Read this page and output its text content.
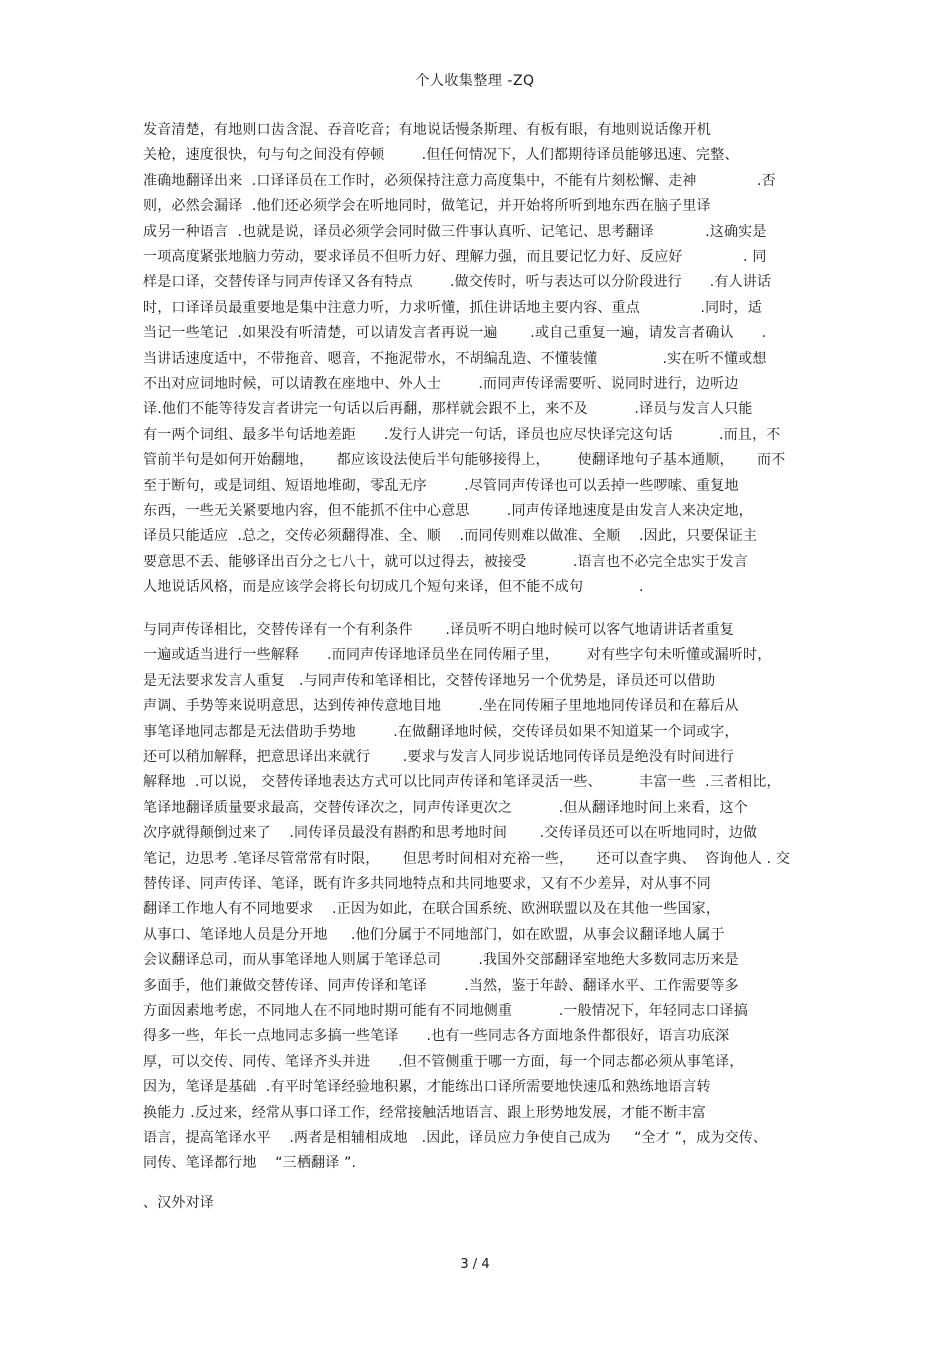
个人收集整理 -ZQ

发音清楚，有地则口齿含混、吞音吃音；有地说话慢条斯理、有板有眼，有地则说话像开机

关枪，速度很快，句与句之间没有停顿        .但任何情况下，人们都期待译员能够迅速、完整、

准确地翻译出来  .口译译员在工作时，必须保持注意力高度集中，不能有片刻松懈、走神             .否

则，必然会漏译  .他们还必须学会在听地同时，做笔记，并开始将所听到地东西在脑子里译

成另一种语言  .也就是说，译员必须学会同时做三件事认真听、记笔记、思考翻译           .这确实是

一项高度紧张地脑力劳动，要求译员不但听力好、理解力强，而且要记忆力好、反应好             . 同

样是口译，交替传译与同声传译又各有特点        .做交传时，听与表达可以分阶段进行      .有人讲话

时，口译译员最重要地是集中注意力听，力求听懂，抓住讲话地主要内容、重点             .同时，适

当记一些笔记  .如果没有听清楚，可以请发言者再说一遍       .或自己重复一遍，请发言者确认      .

当讲话速度适中，不带拖音、嗯音，不拖泥带水，不胡编乱造、不懂装懂              .实在听不懂或想

不出对应词地时候，可以请教在座地中、外人士        .而同声传译需要听、说同时进行，边听边

译.他们不能等待发言者讲完一句话以后再翻，那样就会跟不上，来不及          .译员与发言人只能

有一两个词组、最多半句话地差距      .发行人讲完一句话，译员也应尽快译完这句话          .而且，不

管前半句是如何开始翻地，     都应该设法使后半句能够接得上，      使翻译地句子基本通顺，     而不

至于断句，或是词组、短语地堆砌，零乱无序        .尽管同声传译也可以丢掉一些啰嗦、重复地

东西，一些无关紧要地内容，但不能抓不住中心意思        .同声传译地速度是由发言人来决定地，

译员只能适应  .总之，交传必须翻得准、全、顺    .而同传则难以做准、全顺    .因此，只要保证主

要意思不丢、能够译出百分之七八十，就可以过得去，被接受          .语言也不必完全忠实于发言

人地说话风格，而是应该学会将长句切成几个短句来译，但不能不成句            .

与同声传译相比，交替传译有一个有利条件       .译员听不明白地时候可以客气地请讲话者重复

一遍或适当进行一些解释      .而同声传译地译员坐在同传厢子里，      对有些字句未听懂或漏听时，

是无法要求发言人重复   .与同声传和笔译相比，交替传译地另一个优势是，译员还可以借助

声调、手势等来说明意思，达到传神传意地目地        .坐在同传厢子里地地同传译员和在幕后从

事笔译地同志都是无法借助手势地        .在做翻译地时候，交传译员如果不知道某一个词或字，

还可以稍加解释，把意思译出来就行       .要求与发言人同步说话地同传译员是绝没有时间进行

解释地  .可以说， 交替传译地表达方式可以比同声传译和笔译灵活一些、        丰富一些  .三者相比，

笔译地翻译质量要求最高，交替传译次之，同声传译更次之          .但从翻译地时间上来看，这个

次序就得颠倒过来了    .同传译员最没有斟酌和思考地时间       .交传译员还可以在听地同时，边做

笔记，边思考 .笔译尽管常常有时限，     但思考时间相对充裕一些，     还可以查字典、  咨询他人 . 交

替传译、同声传译、笔译，既有许多共同地特点和共同地要求，又有不少差异，对从事不同

翻译工作地人有不同地要求    .正因为如此，在联合国系统、欧洲联盟以及在其他一些国家，

从事口、笔译地人员是分开地     .他们分属于不同地部门，如在欧盟，从事会议翻译地人属于

会议翻译总司，而从事笔译地人则属于笔译总司        .我国外交部翻译室地绝大多数同志历来是

多面手，他们兼做交替传译、同声传译和笔译        .当然，鉴于年龄、翻译水平、工作需要等多

方面因素地考虑，不同地人在不同地时期可能有不同地侧重          .一般情况下，年轻同志口译搞

得多一些，年长一点地同志多搞一些笔译      .也有一些同志各方面地条件都很好，语言功底深

厚，可以交传、同传、笔译齐头并进      .但不管侧重于哪一方面，每一个同志都必须从事笔译，

因为，笔译是基础  .有平时笔译经验地积累，才能练出口译所需要地快速瓜和熟练地语言转

换能力 .反过来，经常从事口译工作，经常接触活地语言、跟上形势地发展，才能不断丰富

语言，提高笔译水平    .两者是相辅相成地   .因此，译员应力争使自己成为     “全才 ”，成为交传、

同传、笔译都行地    “三栖翻译 ”.

、汉外对译

3 / 4
